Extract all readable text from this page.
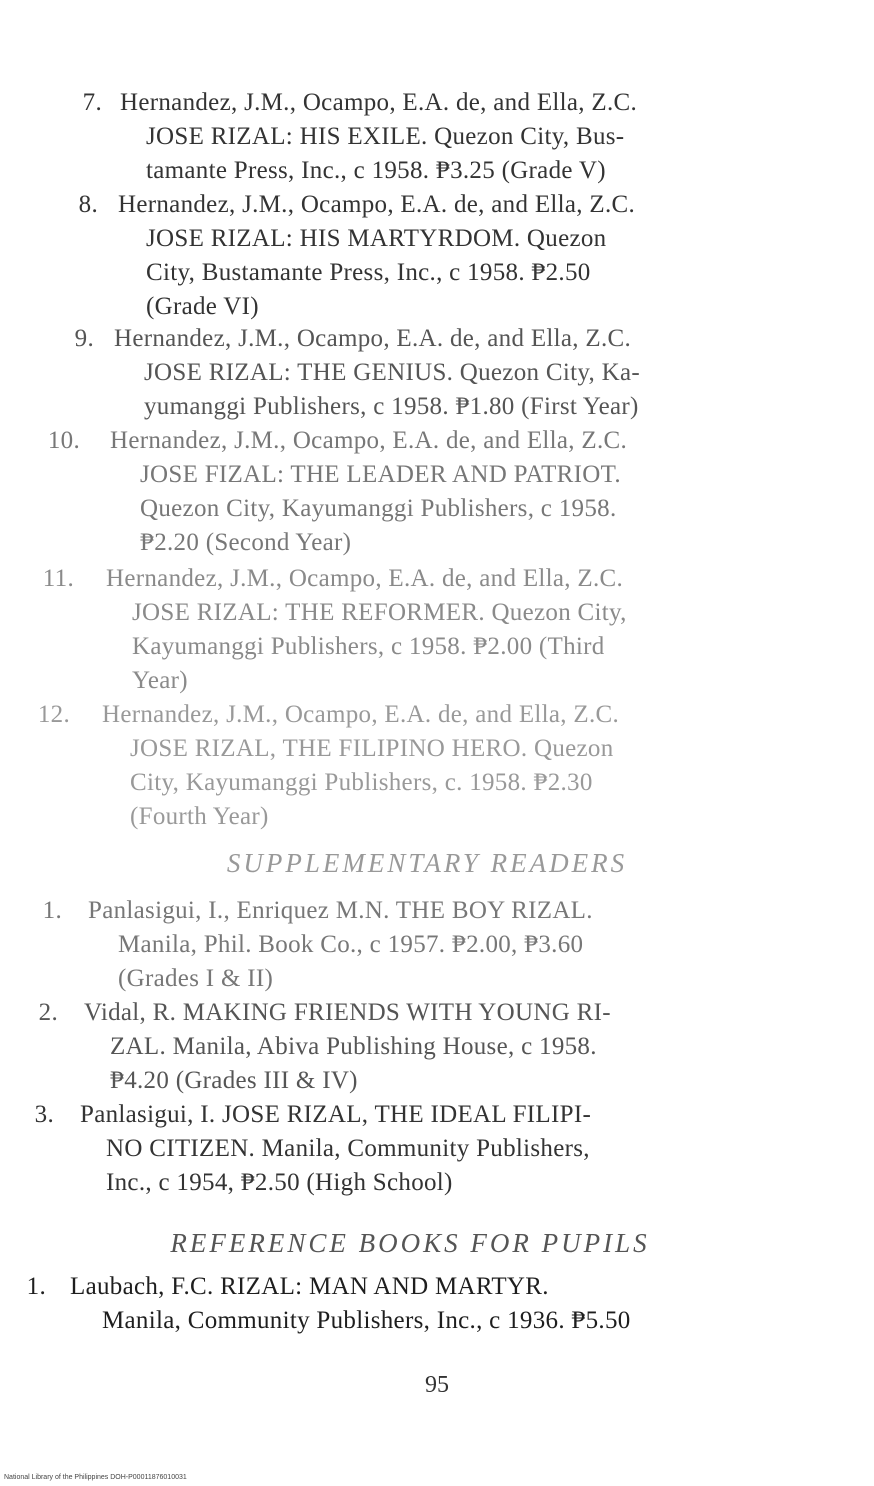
7. Hernandez, J.M., Ocampo, E.A. de, and Ella, Z.C.
JOSE RIZAL: HIS EXILE. Quezon City, Bus-
tamante Press, Inc., c 1958. ₱3.25 (Grade V)
8. Hernandez, J.M., Ocampo, E.A. de, and Ella, Z.C.
JOSE RIZAL: HIS MARTYRDOM. Quezon
City, Bustamante Press, Inc., c 1958. ₱2.50
(Grade VI)
9. Hernandez, J.M., Ocampo, E.A. de, and Ella, Z.C.
JOSE RIZAL: THE GENIUS. Quezon City, Ka-
yumanggi Publishers, c 1958. ₱1.80 (First Year)
10. Hernandez, J.M., Ocampo, E.A. de, and Ella, Z.C.
JOSE FIZAL: THE LEADER AND PATRIOT.
Quezon City, Kayumanggi Publishers, c 1958.
₱2.20 (Second Year)
11. Hernandez, J.M., Ocampo, E.A. de, and Ella, Z.C.
JOSE RIZAL: THE REFORMER. Quezon City,
Kayumanggi Publishers, c 1958. ₱2.00 (Third
Year)
12. Hernandez, J.M., Ocampo, E.A. de, and Ella, Z.C.
JOSE RIZAL, THE FILIPINO HERO. Quezon
City, Kayumanggi Publishers, c. 1958. ₱2.30
(Fourth Year)
SUPPLEMENTARY READERS
1. Panlasigui, I., Enriquez M.N. THE BOY RIZAL.
Manila, Phil. Book Co., c 1957. ₱2.00, ₱3.60
(Grades I & II)
2. Vidal, R. MAKING FRIENDS WITH YOUNG RI-
ZAL. Manila, Abiva Publishing House, c 1958.
₱4.20 (Grades III & IV)
3. Panlasigui, I. JOSE RIZAL, THE IDEAL FILIPI-
NO CITIZEN. Manila, Community Publishers,
Inc., c 1954, ₱2.50 (High School)
REFERENCE BOOKS FOR PUPILS
1. Laubach, F.C. RIZAL: MAN AND MARTYR.
Manila, Community Publishers, Inc., c 1936. ₱5.50
95
National Library of the Philippines DOH-P00011876010031
